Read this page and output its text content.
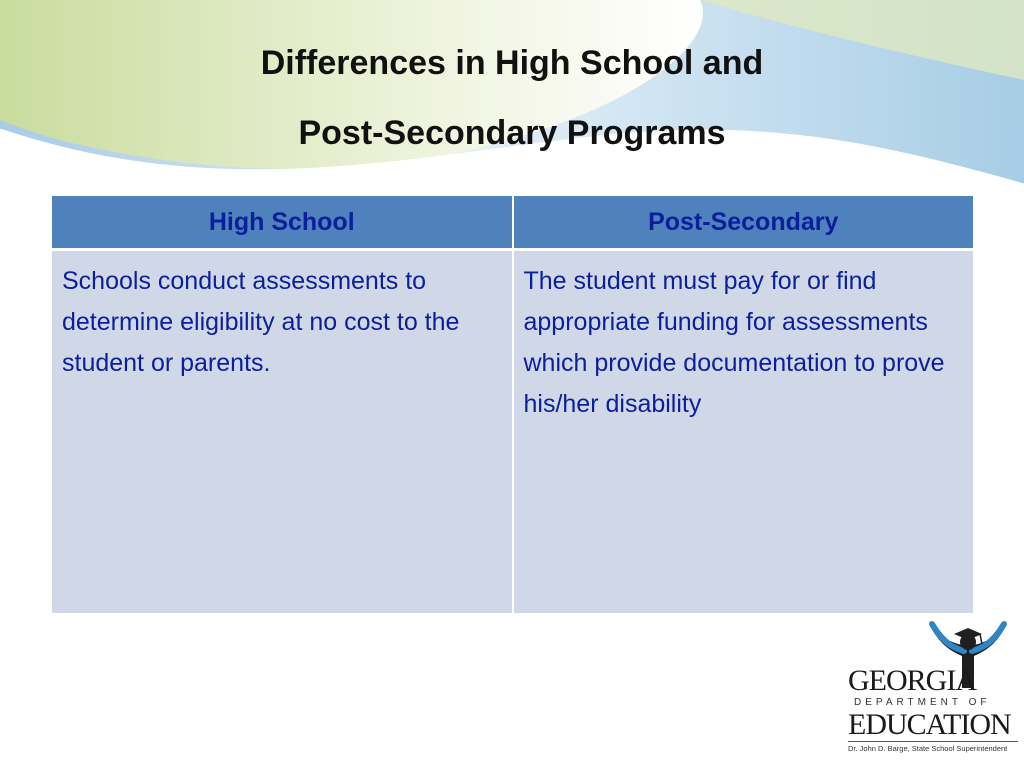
Differences in High School and
Post-Secondary Programs
High School	Post-Secondary
Schools conduct assessments to determine eligibility at no cost to the student or parents.	The student must pay for or find appropriate funding for assessments which provide documentation to prove his/her disability
GEORGIA
DEPARTMENT OF
EDUCATION
Dr. John D. Barge, State School Superintendent
